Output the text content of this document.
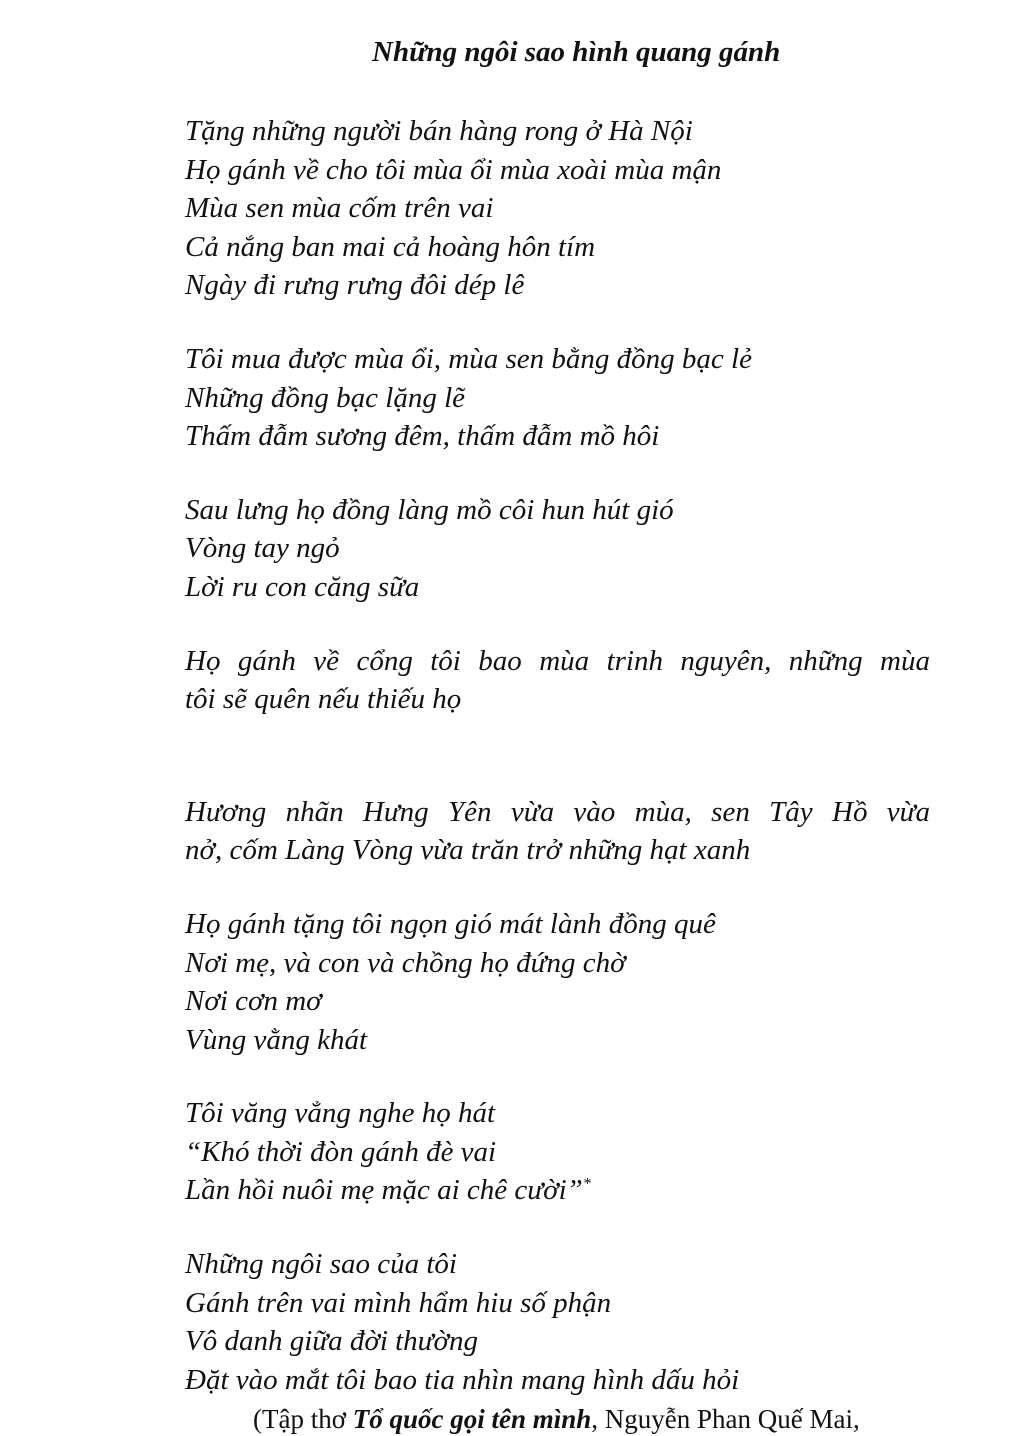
Những ngôi sao hình quang gánh
Tặng những người bán hàng rong ở Hà Nội
Họ gánh về cho tôi mùa ổi mùa xoài mùa mận
Mùa sen mùa cốm trên vai
Cả nắng ban mai cả hoàng hôn tím
Ngày đi rưng rưng đôi dép lê
Tôi mua được mùa ổi, mùa sen bằng đồng bạc lẻ
Những đồng bạc lặng lẽ
Thấm đẫm sương đêm, thấm đẫm mồ hôi
Sau lưng họ đồng làng mồ côi hun hút gió
Vòng tay ngỏ
Lời ru con căng sữa
Họ gánh về cổng tôi bao mùa trinh nguyên, những mùa
tôi sẽ quên nếu thiếu họ
Hương nhãn Hưng Yên vừa vào mùa, sen Tây Hồ vừa
nở, cốm Làng Vòng vừa trăn trở những hạt xanh
Họ gánh tặng tôi ngọn gió mát lành đồng quê
Nơi mẹ, và con và chồng họ đứng chờ
Nơi cơn mơ
Vùng vằng khát
Tôi văng vẳng nghe họ hát
“Khó thời đòn gánh đè vai
Lần hồi nuôi mẹ mặc ai chê cười”*
Những ngôi sao của tôi
Gánh trên vai mình hẩm hiu số phận
Vô danh giữa đời thường
Đặt vào mắt tôi bao tia nhìn mang hình dấu hỏi

(Tập thơ Tổ quốc gọi tên mình, Nguyễn Phan Quế Mai,
